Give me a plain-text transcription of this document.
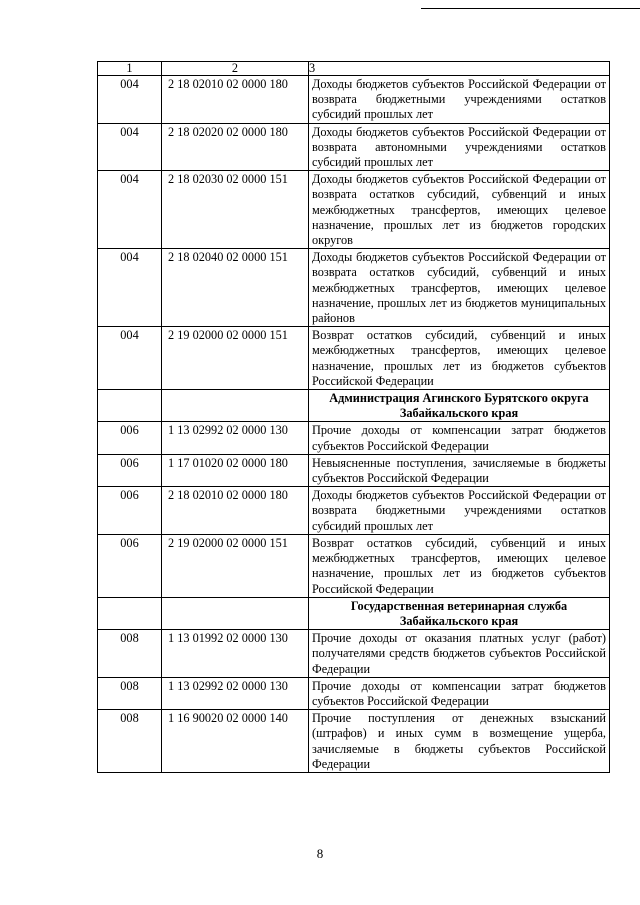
1	2	3
004	2 18 02010 02 0000 180	Доходы бюджетов субъектов Российской Федерации от возврата бюджетными учреждениями остатков субсидий прошлых лет
004	2 18 02020 02 0000 180	Доходы бюджетов субъектов Российской Федерации от возврата автономными учреждениями остатков субсидий прошлых лет
004	2 18 02030 02 0000 151	Доходы бюджетов субъектов Российской Федерации от возврата остатков субсидий, субвенций и иных межбюджетных трансфертов, имеющих целевое назначение, прошлых лет из бюджетов городских округов
004	2 18 02040 02 0000 151	Доходы бюджетов субъектов Российской Федерации от возврата остатков субсидий, субвенций и иных межбюджетных трансфертов, имеющих целевое назначение, прошлых лет из бюджетов муниципальных районов
004	2 19 02000 02 0000 151	Возврат остатков субсидий, субвенций и иных межбюджетных трансфертов, имеющих целевое назначение, прошлых лет из бюджетов субъектов Российской Федерации
		Администрация Агинского Бурятского округа Забайкальского края
006	1 13 02992 02 0000 130	Прочие доходы от компенсации затрат бюджетов субъектов Российской Федерации
006	1 17 01020 02 0000 180	Невыясненные поступления, зачисляемые в бюджеты субъектов Российской Федерации
006	2 18 02010 02 0000 180	Доходы бюджетов субъектов Российской Федерации от возврата бюджетными учреждениями остатков субсидий прошлых лет
006	2 19 02000 02 0000 151	Возврат остатков субсидий, субвенций и иных межбюджетных трансфертов, имеющих целевое назначение, прошлых лет из бюджетов субъектов Российской Федерации
		Государственная ветеринарная служба Забайкальского края
008	1 13 01992 02 0000 130	Прочие доходы от оказания платных услуг (работ) получателями средств бюджетов субъектов Российской Федерации
008	1 13 02992 02 0000 130	Прочие доходы от компенсации затрат бюджетов субъектов Российской Федерации
008	1 16 90020 02 0000 140	Прочие поступления от денежных взысканий (штрафов) и иных сумм в возмещение ущерба, зачисляемые в бюджеты субъектов Российской Федерации
8
